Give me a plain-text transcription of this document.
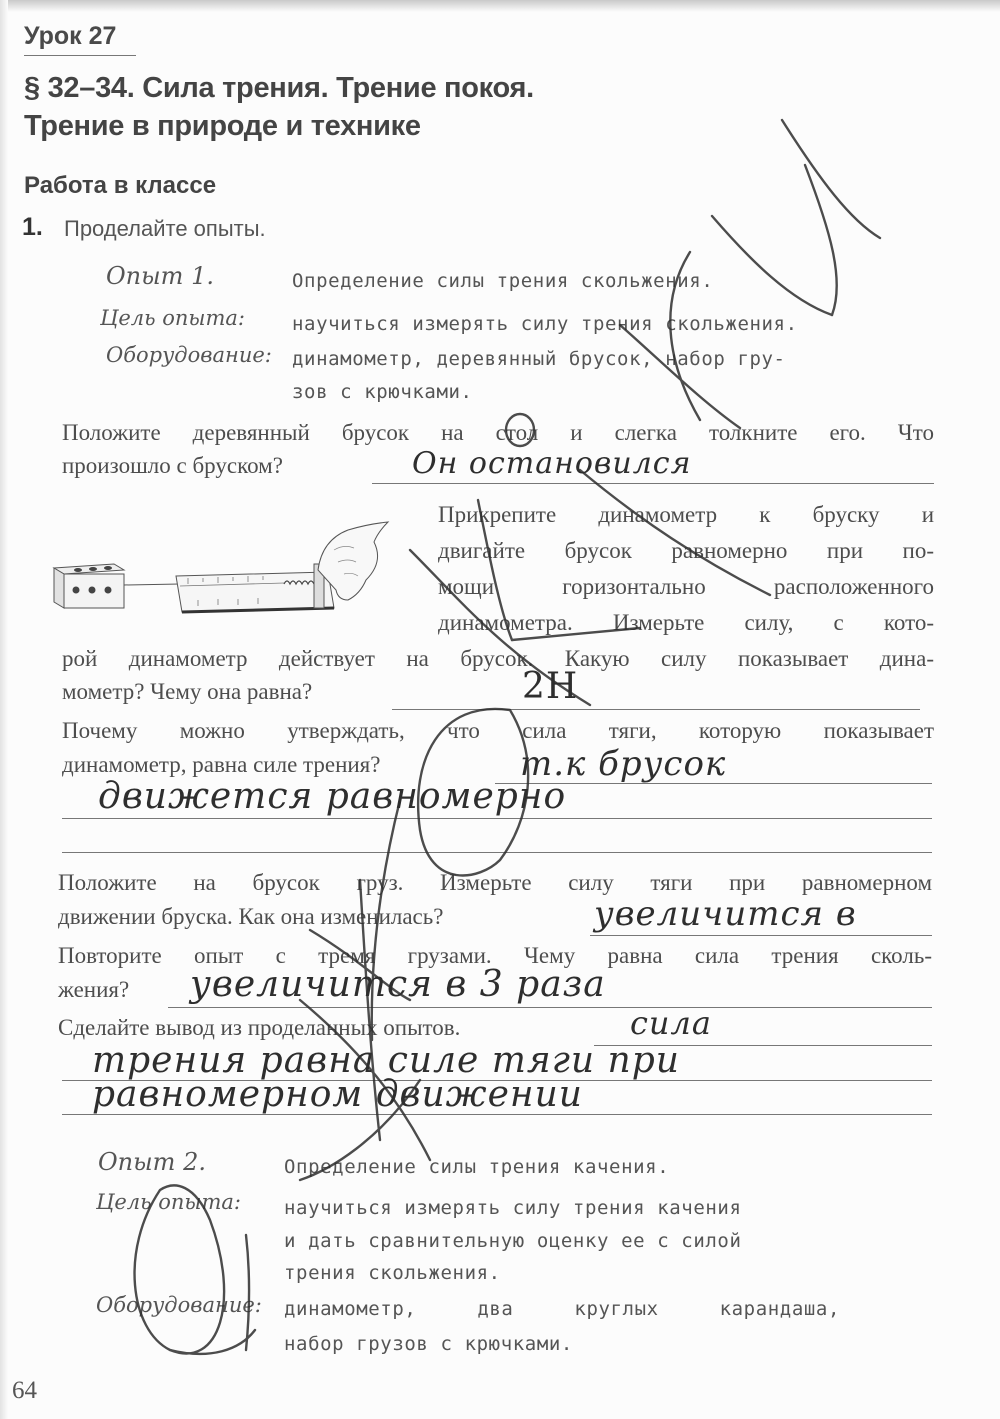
Урок 27
§ 32–34. Сила трения. Трение покоя.
Трение в природе и технике
Работа в классе
1. Проделайте опыты.
Опыт 1.	Определение силы трения скольжения.
Цель опыта: научиться измерять силу трения скольжения.
Оборудование: динамометр, деревянный брусок, набор гру-
зов с крючками.
Положите деревянный брусок на стол и слегка толкните его. Что
произошло с бруском?	Он остановился
Прикрепите динамометр к бруску и
двигайте брусок равномерно при по-
мощи горизонтально расположенного
динамометра. Измерьте силу, с кото-
рой динамометр действует на брусок. Какую силу показывает дина-
мометр? Чему она равна?	2Н
Почему можно утверждать, что сила тяги, которую показывает
динамометр, равна силе трения?	т.к брусок
движется равномерно
Положите на брусок груз. Измерьте силу тяги при равномерном
движении бруска. Как она изменилась?	увеличится в
Повторите опыт с тремя грузами. Чему равна сила трения сколь-
жения? увеличится в 3 раза
Сделайте вывод из проделанных опытов.	сила
трения равна силе тяги при
равномерном движении
Опыт 2.	Определение силы трения качения.
Цель опыта: научиться измерять силу трения качения
и дать сравнительную оценку ее с силой
трения скольжения.
Оборудование: динамометр, два круглых карандаша,
набор грузов с крючками.
64
